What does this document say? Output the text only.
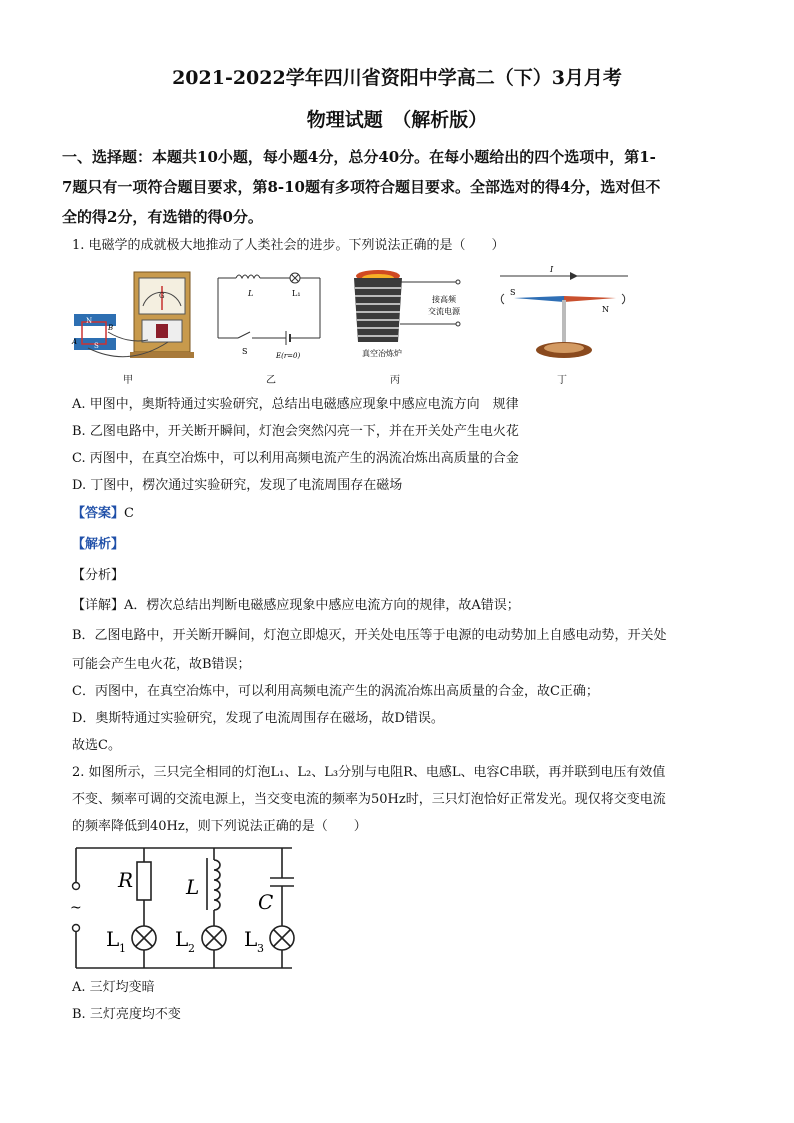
2021-2022学年四川省资阳中学高二（下）3月月考
物理试题　（解析版）
一、选择题：本题共10小题，每小题4分，总分40分。在每小题给出的四个选项中，第1-
7题只有一项符合题目要求，第8-10题有多项符合题目要求。全部选对的得4分，选对但不
全的得2分，有选错的得0分。
1. 电磁学的成就极大地推动了人类社会的进步。下列说法正确的是（　　）
G
N
S
A
B
甲
L	L₁
S	E(r=0)
乙
接高频
交流电源
真空冶炼炉
丙
I
S
N
丁
A. 甲图中，奥斯特通过实验研究，总结出电磁感应现象中感应电流方向　规律
B. 乙图电路中，开关断开瞬间，灯泡会突然闪亮一下，并在开关处产生电火花
C. 丙图中，在真空冶炼中，可以利用高频电流产生的涡流冶炼出高质量的合金
D. 丁图中，楞次通过实验研究，发现了电流周围存在磁场
【答案】C
【解析】
【分析】
【详解】A．楞次总结出判断电磁感应现象中感应电流方向的规律，故A错误；
B．乙图电路中，开关断开瞬间，灯泡立即熄灭，开关处电压等于电源的电动势加上自感电动势，开关处
可能会产生电火花，故B错误；
C．丙图中，在真空冶炼中，可以利用高频电流产生的涡流冶炼出高质量的合金，故C正确；
D．奥斯特通过实验研究，发现了电流周围存在磁场，故D错误。
故选C。
2. 如图所示，三只完全相同的灯泡L₁、L₂、L₃分别与电阻R、电感L、电容C串联，再并联到电压有效值
不变、频率可调的交流电源上，当交变电流的频率为50Hz时，三只灯泡恰好正常发光。现仅将交变电流
的频率降低到40Hz，则下列说法正确的是（　　）
~
R	L
C
L 1 L 2 L 3
A. 三灯均变暗
B. 三灯亮度均不变
